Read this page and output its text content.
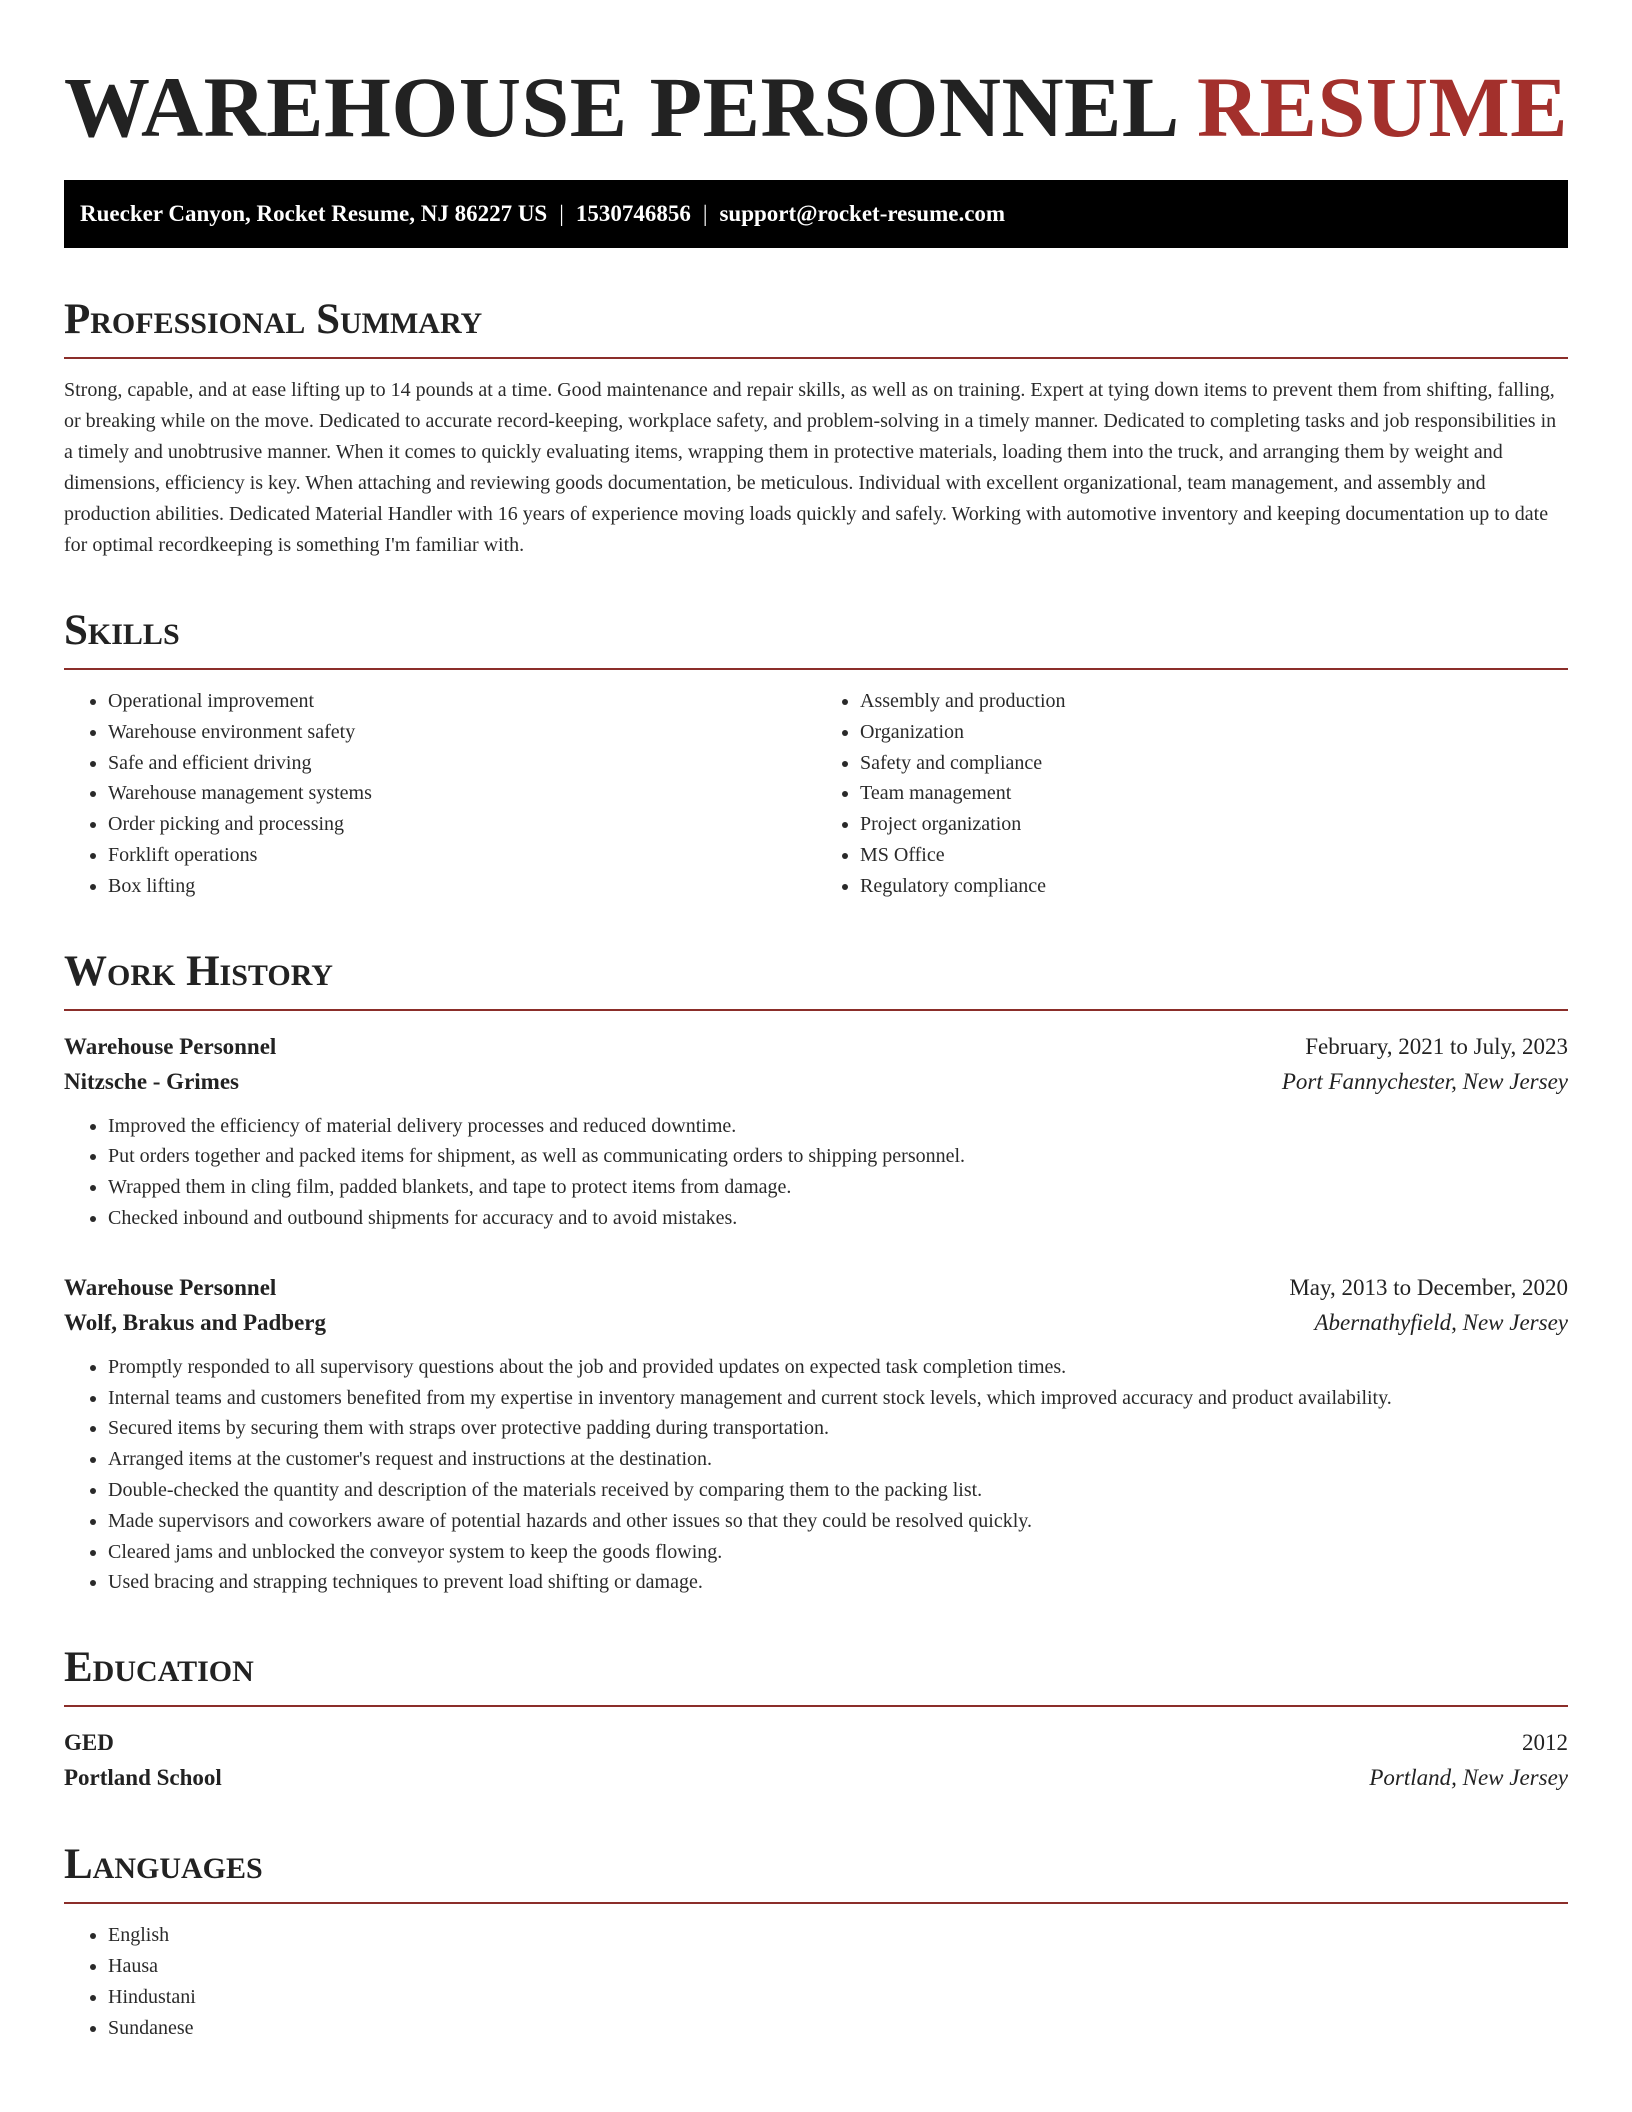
WAREHOUSE PERSONNEL RESUME
Ruecker Canyon, Rocket Resume, NJ 86227 US | 1530746856 | support@rocket-resume.com
Professional Summary

Strong, capable, and at ease lifting up to 14 pounds at a time. Good maintenance and repair skills, as well as on training. Expert at tying down items to prevent them from shifting, falling, or breaking while on the move. Dedicated to accurate record-keeping, workplace safety, and problem-solving in a timely manner. Dedicated to completing tasks and job responsibilities in a timely and unobtrusive manner. When it comes to quickly evaluating items, wrapping them in protective materials, loading them into the truck, and arranging them by weight and dimensions, efficiency is key. When attaching and reviewing goods documentation, be meticulous. Individual with excellent organizational, team management, and assembly and production abilities. Dedicated Material Handler with 16 years of experience moving loads quickly and safely. Working with automotive inventory and keeping documentation up to date for optimal recordkeeping is something I'm familiar with.

Skills
• Operational improvement
• Warehouse environment safety
• Safe and efficient driving
• Warehouse management systems
• Order picking and processing
• Forklift operations
• Box lifting
• Assembly and production
• Organization
• Safety and compliance
• Team management
• Project organization
• MS Office
• Regulatory compliance
Work History
Warehouse Personnel	February, 2021 to July, 2023
Nitzsche - Grimes	Port Fannychester, New Jersey
• Improved the efficiency of material delivery processes and reduced downtime.
• Put orders together and packed items for shipment, as well as communicating orders to shipping personnel.
• Wrapped them in cling film, padded blankets, and tape to protect items from damage.
• Checked inbound and outbound shipments for accuracy and to avoid mistakes.
Warehouse Personnel	May, 2013 to December, 2020
Wolf, Brakus and Padberg	Abernathyfield, New Jersey
• Promptly responded to all supervisory questions about the job and provided updates on expected task completion times.
• Internal teams and customers benefited from my expertise in inventory management and current stock levels, which improved accuracy and product availability.
• Secured items by securing them with straps over protective padding during transportation.
• Arranged items at the customer's request and instructions at the destination.
• Double-checked the quantity and description of the materials received by comparing them to the packing list.
• Made supervisors and coworkers aware of potential hazards and other issues so that they could be resolved quickly.
• Cleared jams and unblocked the conveyor system to keep the goods flowing.
• Used bracing and strapping techniques to prevent load shifting or damage.
Education
GED	2012
Portland School	Portland, New Jersey
Languages
• English
• Hausa
• Hindustani
• Sundanese
